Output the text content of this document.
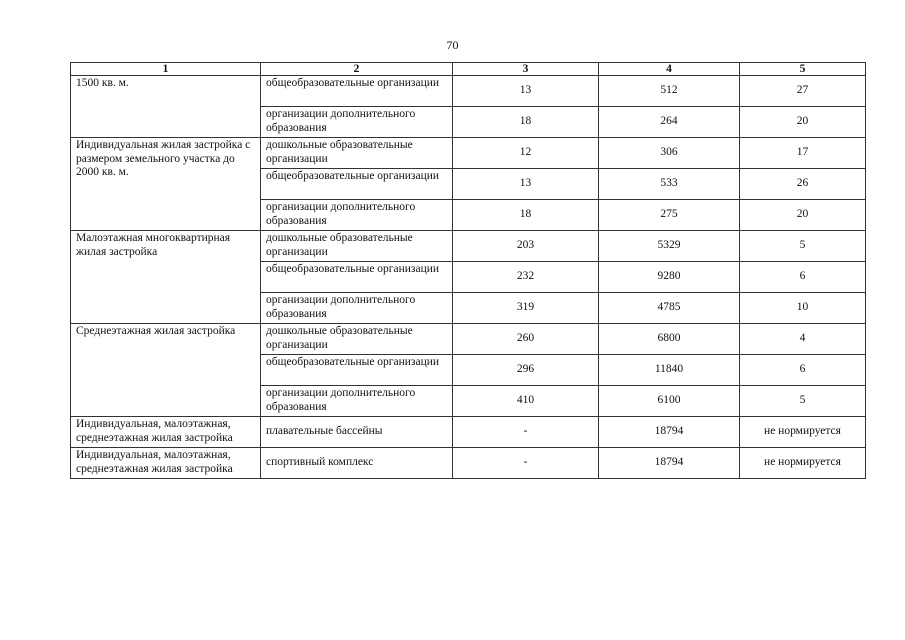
70
1	2	3	4	5
1500 кв. м.	общеобразовательные организации	13	512	27
	организации дополнительного образования	18	264	20
Индивидуальная жилая застройка с размером земельного участка до 2000 кв. м.	дошкольные образовательные организации	12	306	17
	общеобразовательные организации	13	533	26
	организации дополнительного образования	18	275	20
Малоэтажная многоквартирная жилая застройка	дошкольные образовательные организации	203	5329	5
	общеобразовательные организации	232	9280	6
	организации дополнительного образования	319	4785	10
Среднеэтажная жилая застройка	дошкольные образовательные организации	260	6800	4
	общеобразовательные организации	296	11840	6
	организации дополнительного образования	410	6100	5
Индивидуальная, малоэтажная, среднеэтажная жилая застройка	плавательные бассейны	-	18794	не нормируется
Индивидуальная, малоэтажная, среднеэтажная жилая застройка	спортивный комплекс	-	18794	не нормируется
